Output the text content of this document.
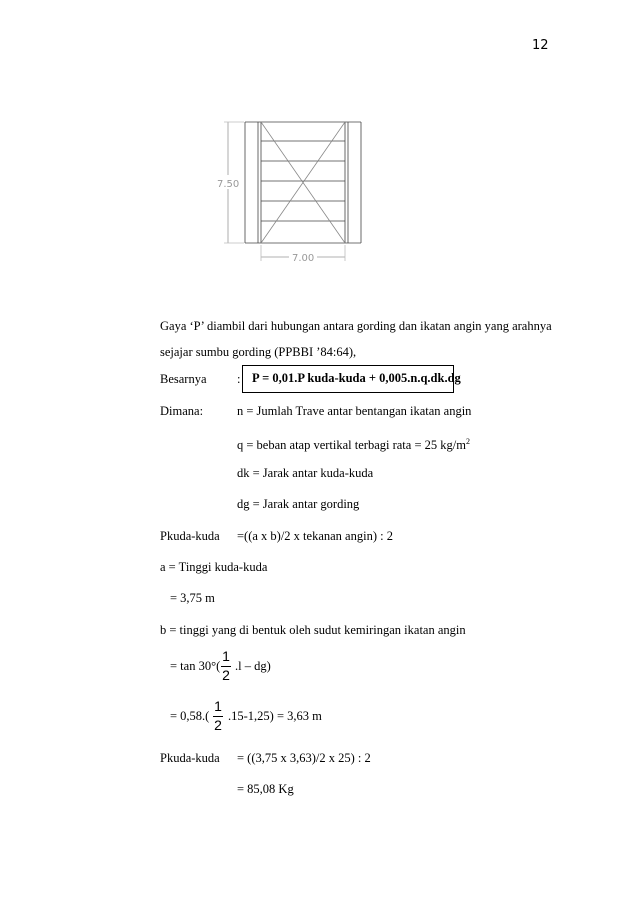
12
7.50
7.00
Gaya ‘P’ diambil dari hubungan antara gording dan ikatan angin yang arahnya
sejajar sumbu gording (PPBBI ’84:64),
Besarnya : P = 0,01.P kuda-kuda + 0,005.n.q.dk.dg
Dimana:	n = Jumlah Trave antar bentangan ikatan angin
q = beban atap vertikal terbagi rata = 25 $kg/m^2$
dk = Jarak antar kuda-kuda
dg = Jarak antar gording
Pkuda-kuda =((a x b)/2 x tekanan angin) : 2
a = Tinggi kuda-kuda
= 3,75 m
b = tinggi yang di bentuk oleh sudut kemiringan ikatan angin
= tan 30°(
1
2
.l – dg)
= 0,58.(
1
2
.15-1,25) = 3,63 m
Pkuda-kuda = ((3,75 x 3,63)/2 x 25) : 2
= 85,08 Kg
